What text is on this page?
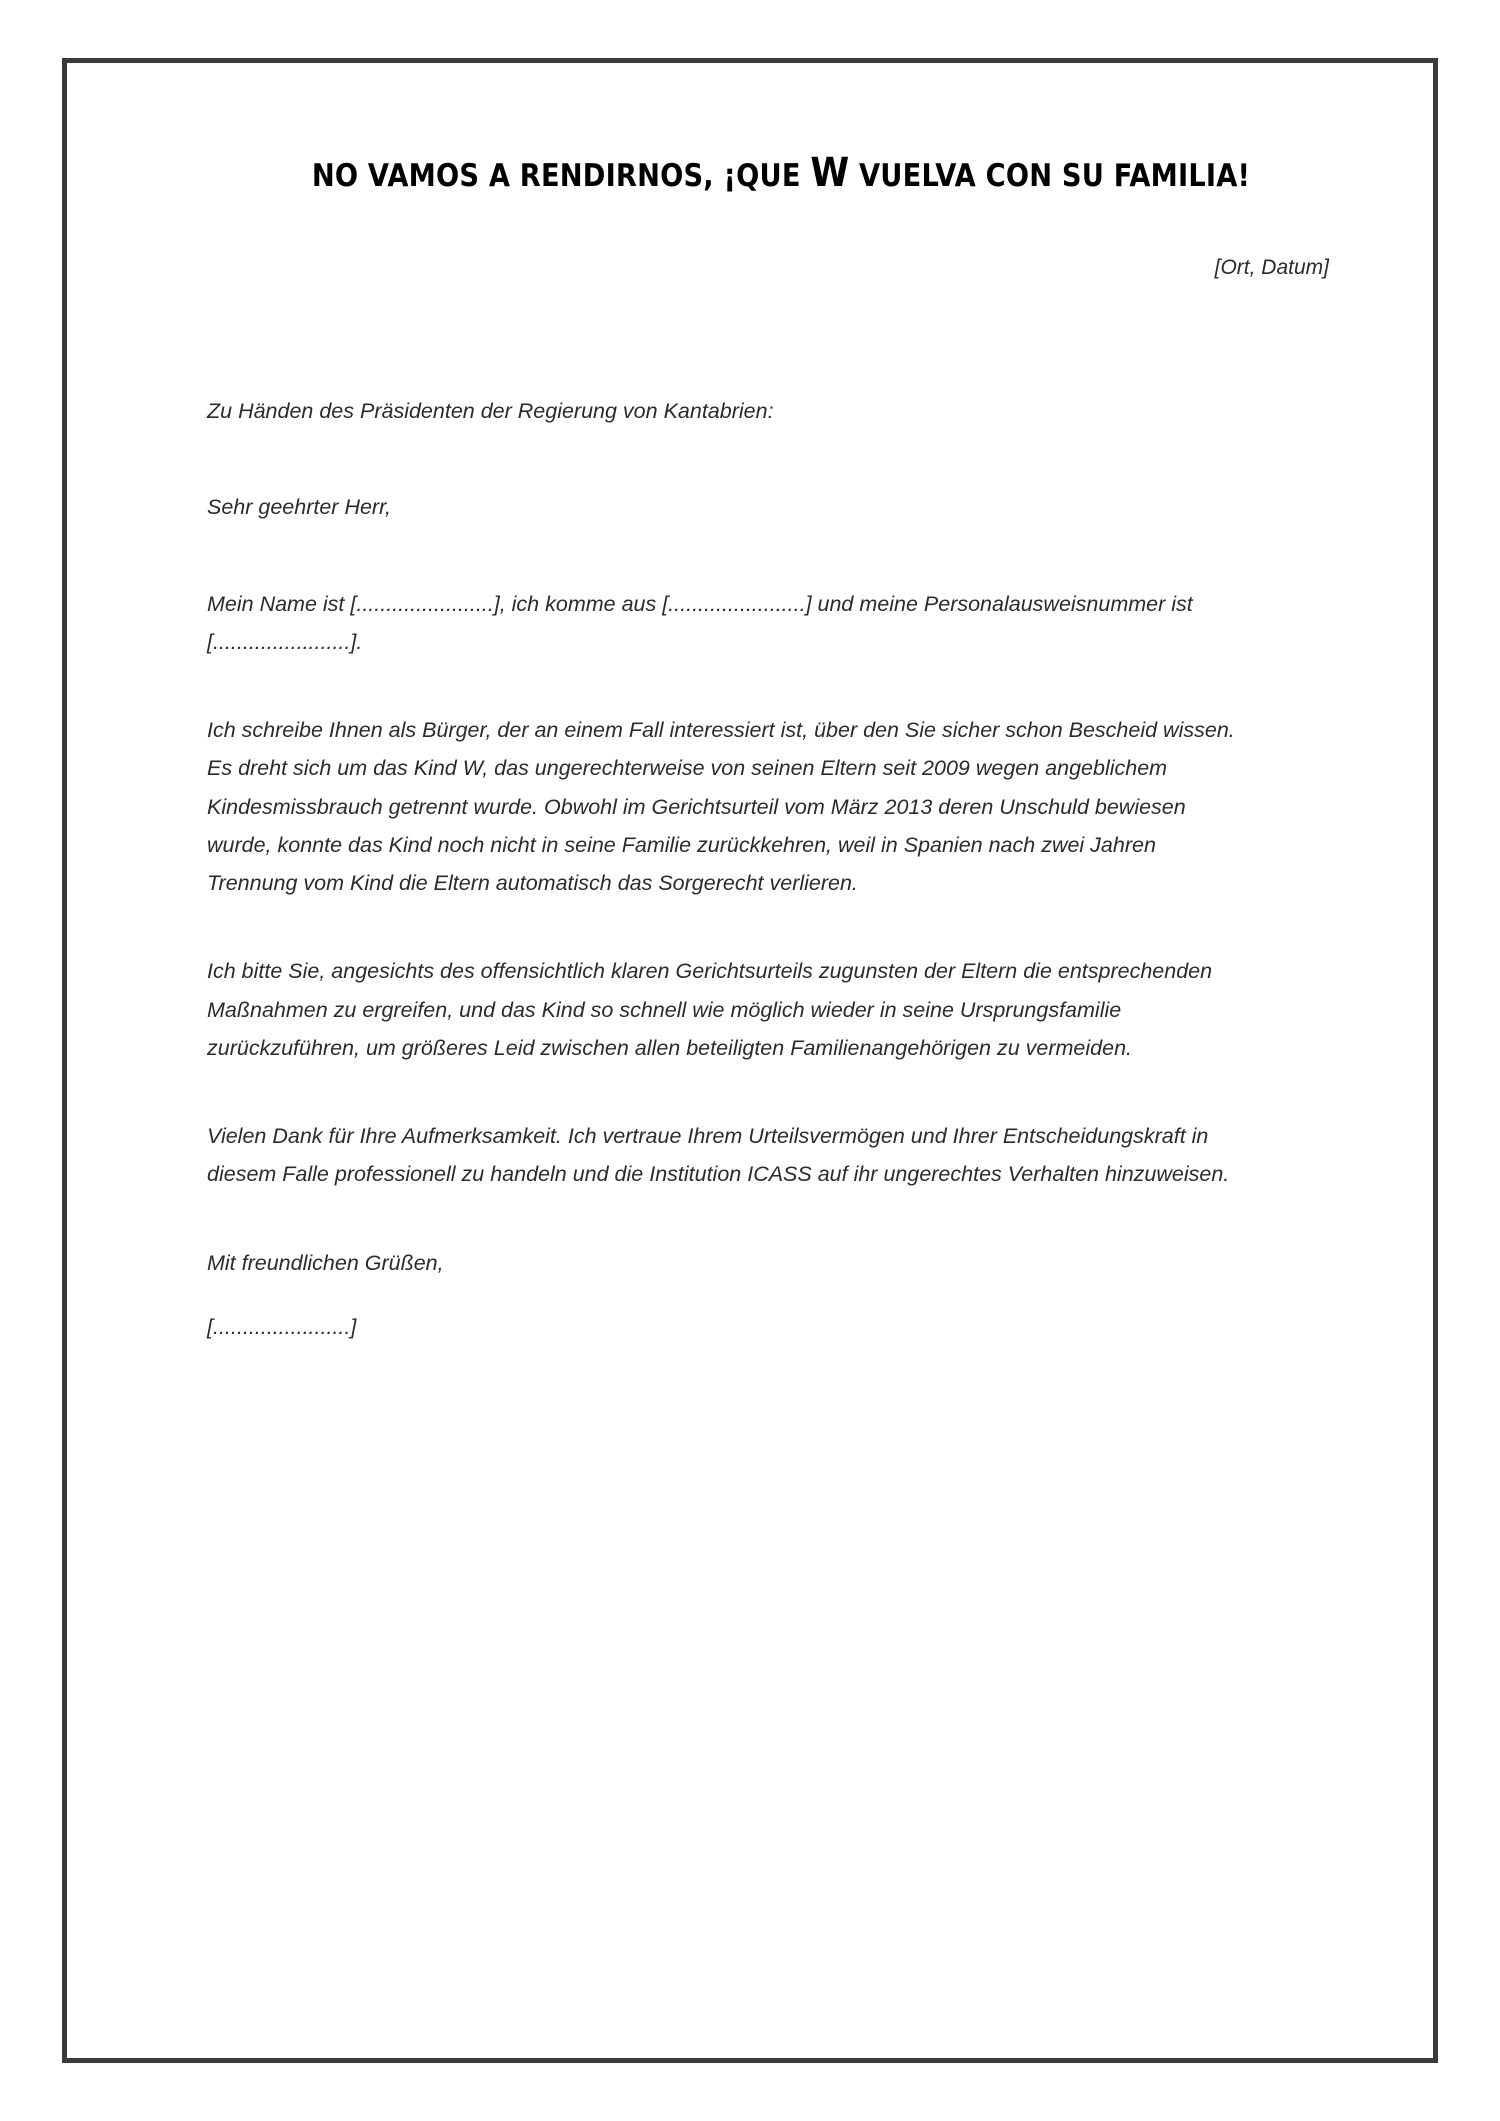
NO VAMOS A RENDIRNOS, ¡QUE W VUELVA CON SU FAMILIA!
[Ort, Datum]
Zu Händen des Präsidenten der Regierung von Kantabrien:
Sehr geehrter Herr,
Mein Name ist [.......................], ich komme aus [.......................] und meine Personalausweisnummer ist [.......................].
Ich schreibe Ihnen als Bürger, der an einem Fall interessiert ist, über den Sie sicher schon Bescheid wissen. Es dreht sich um das Kind W, das ungerechterweise von seinen Eltern seit 2009 wegen angeblichem Kindesmissbrauch getrennt wurde. Obwohl im Gerichtsurteil vom März 2013 deren Unschuld bewiesen wurde, konnte das Kind noch nicht in seine Familie zurückkehren, weil in Spanien nach zwei Jahren Trennung vom Kind die Eltern automatisch das Sorgerecht verlieren.
Ich bitte Sie, angesichts des offensichtlich klaren Gerichtsurteils zugunsten der Eltern die entsprechenden Maßnahmen zu ergreifen, und das Kind so schnell wie möglich wieder in seine Ursprungsfamilie zurückzuführen, um größeres Leid zwischen allen beteiligten Familienangehörigen zu vermeiden.
Vielen Dank für Ihre Aufmerksamkeit. Ich vertraue Ihrem Urteilsvermögen und Ihrer Entscheidungskraft in diesem Falle professionell zu handeln und die Institution ICASS auf ihr ungerechtes Verhalten hinzuweisen.
Mit freundlichen Grüßen,
[.......................]
